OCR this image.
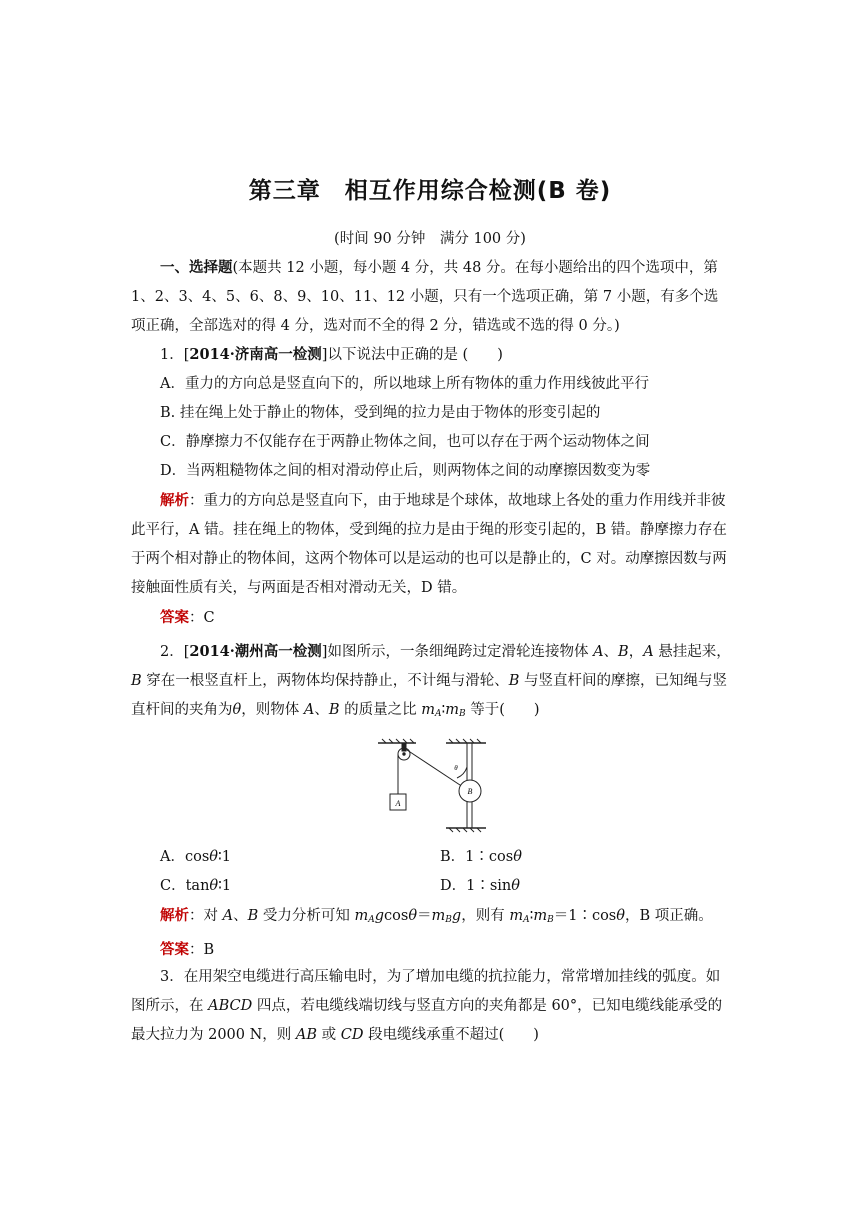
第三章　相互作用综合检测(B 卷)
(时间 90 分钟　满分 100 分)
一、选择题(本题共 12 小题，每小题 4 分，共 48 分。在每小题给出的四个选项中，第 1、2、3、4、5、6、8、9、10、11、12 小题，只有一个选项正确，第 7 小题，有多个选项正确，全部选对的得 4 分，选对而不全的得 2 分，错选或不选的得 0 分。)
1．[2014·济南高一检测]以下说法中正确的是 (　　)
A．重力的方向总是竖直向下的，所以地球上所有物体的重力作用线彼此平行
B. 挂在绳上处于静止的物体，受到绳的拉力是由于物体的形变引起的
C．静摩擦力不仅能存在于两静止物体之间，也可以存在于两个运动物体之间
D．当两粗糙物体之间的相对滑动停止后，则两物体之间的动摩擦因数变为零
解析：重力的方向总是竖直向下，由于地球是个球体，故地球上各处的重力作用线并非彼此平行，A 错。挂在绳上的物体，受到绳的拉力是由于绳的形变引起的，B 错。静摩擦力存在于两个相对静止的物体间，这两个物体可以是运动的也可以是静止的，C 对。动摩擦因数与两接触面性质有关，与两面是否相对滑动无关，D 错。
答案：C
2．[2014·潮州高一检测]如图所示，一条细绳跨过定滑轮连接物体 A、B，A 悬挂起来，B 穿在一根竖直杆上，两物体均保持静止，不计绳与滑轮、B 与竖直杆间的摩擦，已知绳与竖直杆间的夹角为θ，则物体 A、B 的质量之比 $m_A∶m_B$ 等于(　　)
A
B
θ
A．cosθ∶1	B．1∶cosθ
C．tanθ∶1	D．1∶sinθ
解析：对 A、B 受力分析可知 $m_Agcos\theta=m_Bg$，则有 $m_A∶m_B=1∶\cos\theta$，B 项正确。
答案：B
3．在用架空电缆进行高压输电时，为了增加电缆的抗拉能力，常常增加挂线的弧度。如图所示，在 ABCD 四点，若电缆线端切线与竖直方向的夹角都是 60°，已知电缆线能承受的最大拉力为 2000 N，则 AB 或 CD 段电缆线承重不超过(　　)
